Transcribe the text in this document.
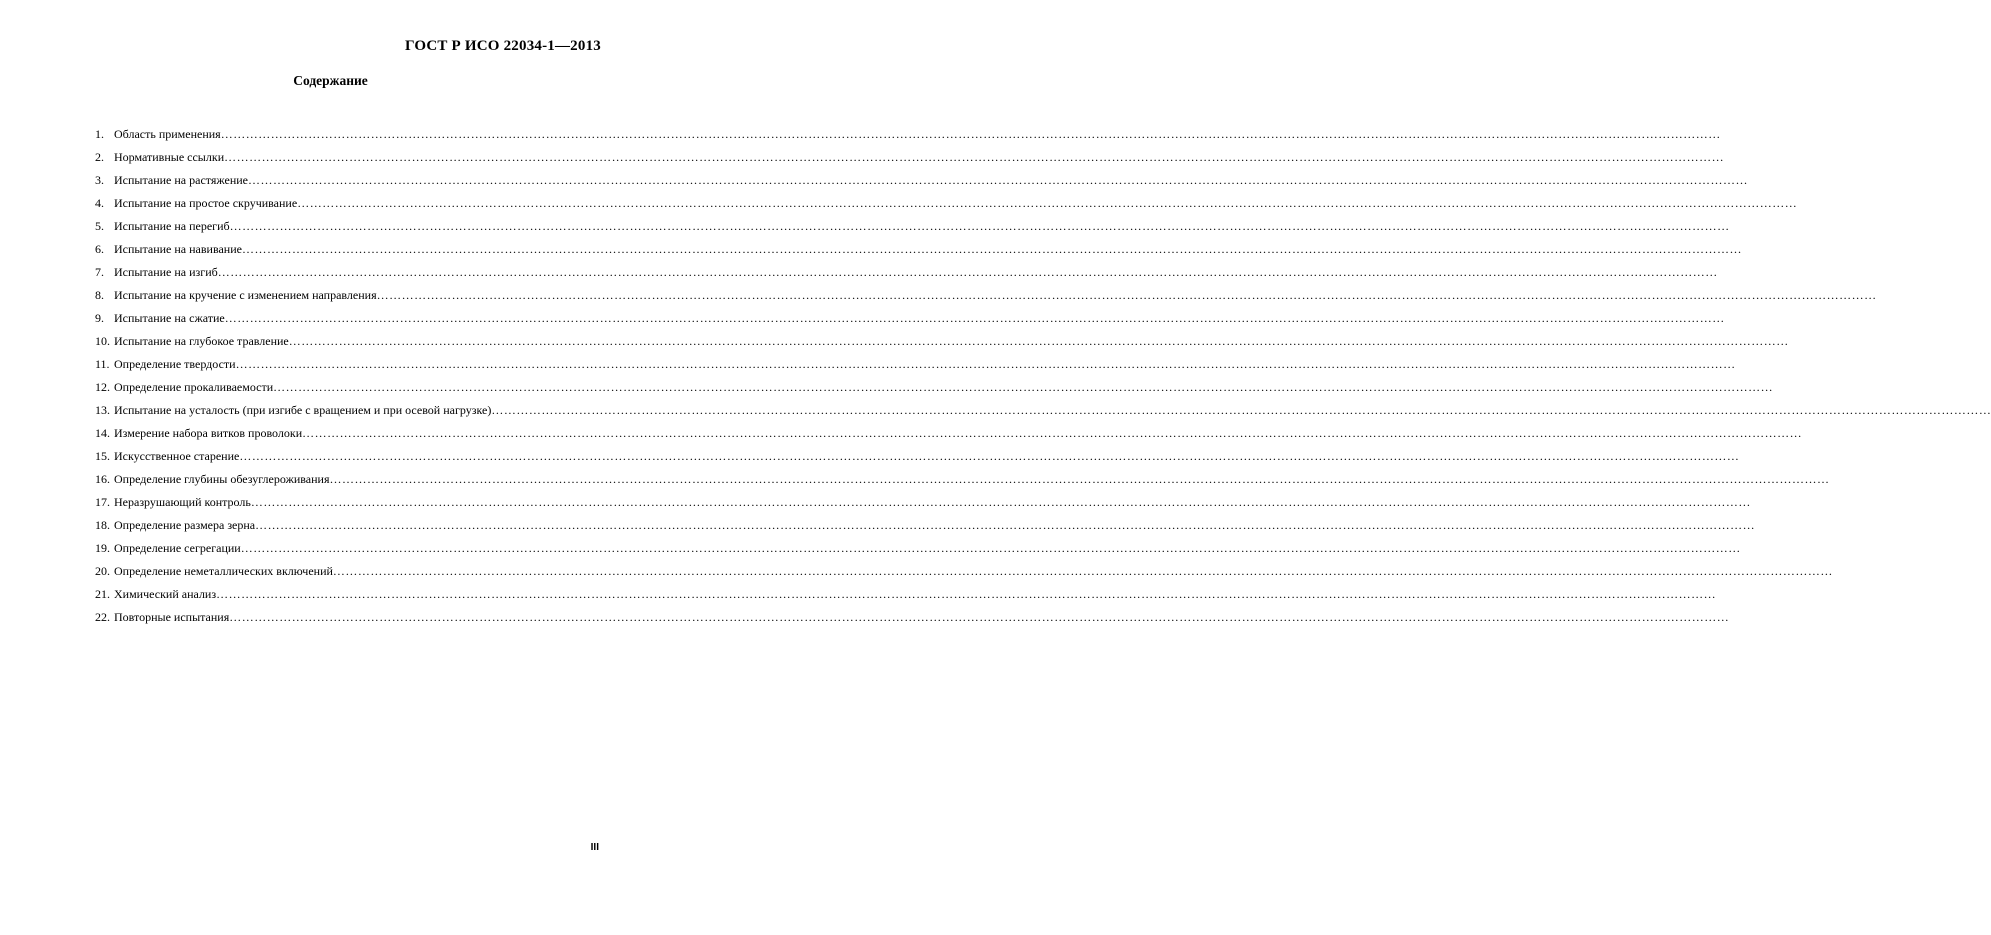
ГОСТ Р ИСО 22034-1—2013
Содержание
1. Область применения ………………………………………………………………………………………………………………………………………………………………………………………………………………………………………………………………………………………………………………………………
2. Нормативные ссылки ………………………………………………………………………………………………………………………………………………………………………………………………………………………………………………………………………………………………………………………………
3. Испытание на растяжение ………………………………………………………………………………………………………………………………………………………………………………………………………………………………………………………………………………………………………………………………
4. Испытание на простое скручивание ………………………………………………………………………………………………………………………………………………………………………………………………………………………………………………………………………………………………………………………………
5. Испытание на перегиб ………………………………………………………………………………………………………………………………………………………………………………………………………………………………………………………………………………………………………………………………
6. Испытание на навивание ………………………………………………………………………………………………………………………………………………………………………………………………………………………………………………………………………………………………………………………………
7. Испытание на изгиб ………………………………………………………………………………………………………………………………………………………………………………………………………………………………………………………………………………………………………………………………
8. Испытание на кручение с изменением направления ………………………………………………………………………………………………………………………………………………………………………………………………………………………………………………………………………………………………………………………………
9. Испытание на сжатие ………………………………………………………………………………………………………………………………………………………………………………………………………………………………………………………………………………………………………………………………
10. Испытание на глубокое травление ………………………………………………………………………………………………………………………………………………………………………………………………………………………………………………………………………………………………………………………………
11. Определение твердости ………………………………………………………………………………………………………………………………………………………………………………………………………………………………………………………………………………………………………………………………
12. Определение прокаливаемости ………………………………………………………………………………………………………………………………………………………………………………………………………………………………………………………………………………………………………………………………
13. Испытание на усталость (при изгибе с вращением и при осевой нагрузке) ………………………………………………………………………………………………………………………………………………………………………………………………………………………………………………………………………………………………………………………………
14. Измерение набора витков проволоки ………………………………………………………………………………………………………………………………………………………………………………………………………………………………………………………………………………………………………………………………
15. Искусственное старение ………………………………………………………………………………………………………………………………………………………………………………………………………………………………………………………………………………………………………………………………
16. Определение глубины обезуглероживания ………………………………………………………………………………………………………………………………………………………………………………………………………………………………………………………………………………………………………………………………
17. Неразрушающий контроль ………………………………………………………………………………………………………………………………………………………………………………………………………………………………………………………………………………………………………………………………
18. Определение размера зерна ………………………………………………………………………………………………………………………………………………………………………………………………………………………………………………………………………………………………………………………………
19. Определение сегрегации ………………………………………………………………………………………………………………………………………………………………………………………………………………………………………………………………………………………………………………………………
20. Определение неметаллических включений ………………………………………………………………………………………………………………………………………………………………………………………………………………………………………………………………………………………………………………………………
21. Химический анализ ………………………………………………………………………………………………………………………………………………………………………………………………………………………………………………………………………………………………………………………………
22. Повторные испытания ………………………………………………………………………………………………………………………………………………………………………………………………………………………………………………………………………………………………………………………………
III
